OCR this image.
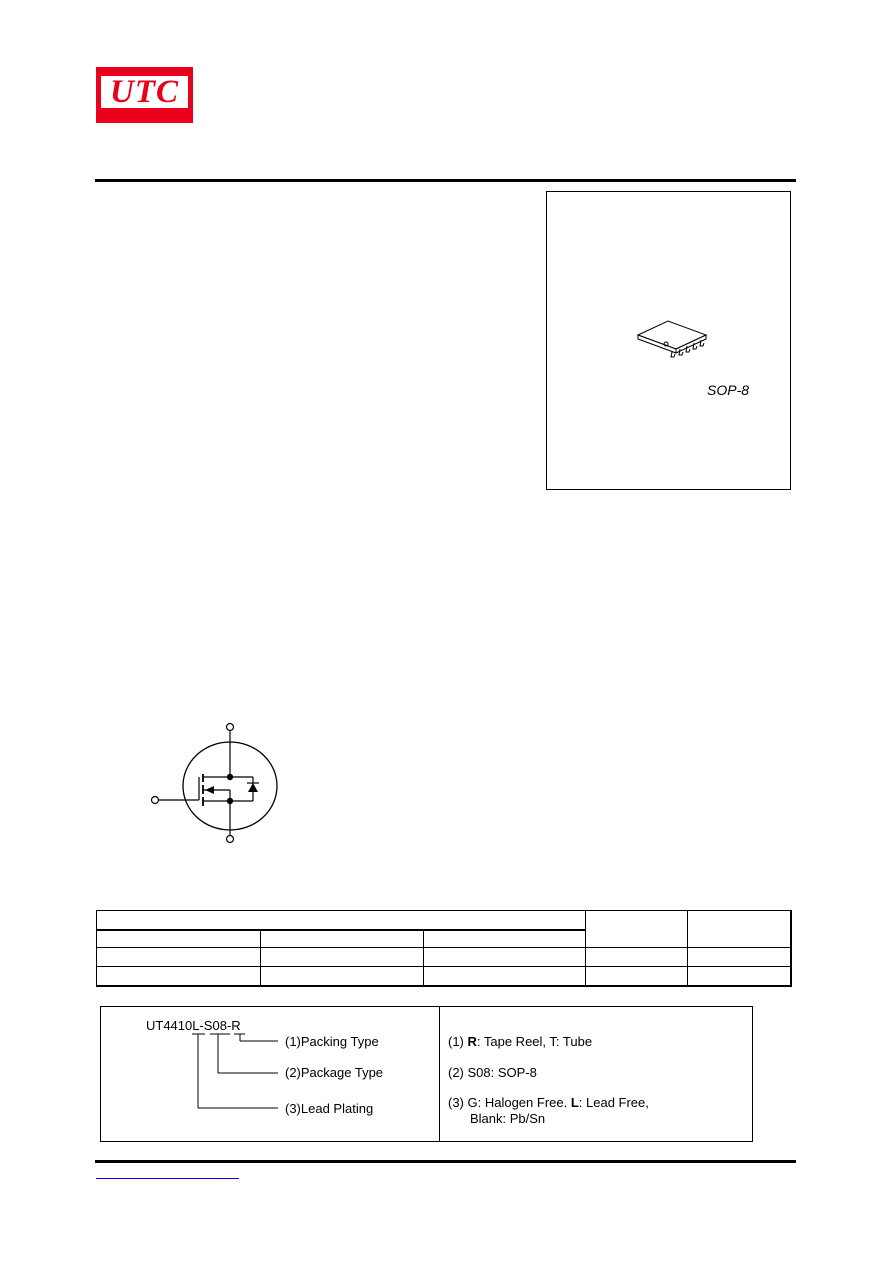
UTC
SOP-8
UT4410L-S08-R
(1)Packing Type
(2)Package Type
(3)Lead Plating
(1) R: Tape Reel, T: Tube
(2) S08: SOP-8
(3) G: Halogen Free. L: Lead Free,
Blank: Pb/Sn
